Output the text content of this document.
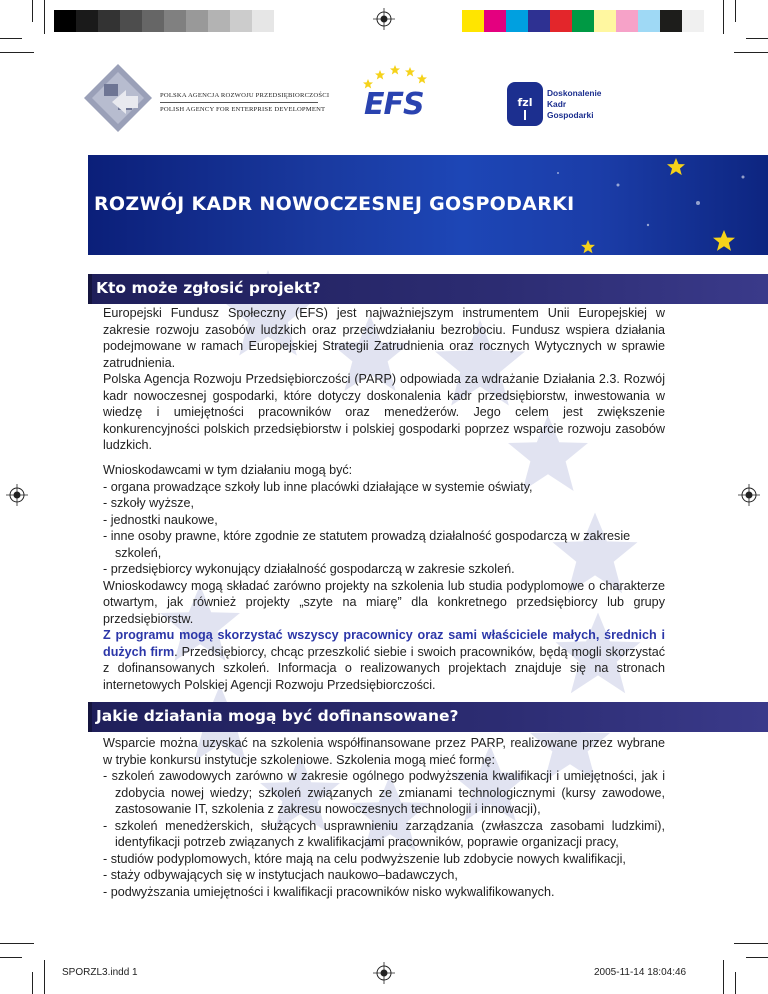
POLSKA AGENCJA ROZWOJU PRZEDSIĘBIORCZOŚCI
POLISH AGENCY FOR ENTERPRISE DEVELOPMENT EFS	fzl
Doskonalenie
Kadr
Gospodarki
ROZWÓJ KADR NOWOCZESNEJ GOSPODARKI
Kto może zgłosić projekt?

Europejski Fundusz Społeczny (EFS) jest najważniejszym instrumentem Unii Europejskiej w zakresie rozwoju zasobów ludzkich oraz przeciwdziałaniu bezrobociu. Fundusz wspiera działania podejmowane w ramach Europejskiej Strategii Zatrudnienia oraz rocznych Wytycznych w sprawie zatrudnienia.

Polska Agencja Rozwoju Przedsiębiorczości (PARP) odpowiada za wdrażanie Działania 2.3. Rozwój kadr nowoczesnej gospodarki, które dotyczy doskonalenia kadr przedsiębiorstw, inwestowania w wiedzę i umiejętności pracowników oraz menedżerów. Jego celem jest zwiększenie konkurencyjności polskich przedsiębiorstw i polskiej gospodarki poprzez wsparcie rozwoju zasobów ludzkich.

Wnioskodawcami w tym działaniu mogą być:

- organa prowadzące szkoły lub inne placówki działające w systemie oświaty,

- szkoły wyższe,

- jednostki naukowe,

- inne osoby prawne, które zgodnie ze statutem prowadzą działalność gospodarczą w zakresie szkoleń,

- przedsiębiorcy wykonujący działalność gospodarczą w zakresie szkoleń.

Wnioskodawcy mogą składać zarówno projekty na szkolenia lub studia podyplomowe o charakterze otwartym, jak również projekty „szyte na miarę” dla konkretnego przedsiębiorcy lub grupy przedsiębiorstw.

Z programu mogą skorzystać wszyscy pracownicy oraz sami właściciele małych, średnich i dużych firm. Przedsiębiorcy, chcąc przeszkolić siebie i swoich pracowników, będą mogli skorzystać z dofinansowanych szkoleń. Informacja o realizowanych projektach znajduje się na stronach internetowych Polskiej Agencji Rozwoju Przedsiębiorczości.

Jakie działania mogą być dofinansowane?

Wsparcie można uzyskać na szkolenia współfinansowane przez PARP, realizowane przez wybrane w trybie konkursu instytucje szkoleniowe. Szkolenia mogą mieć formę:

- szkoleń zawodowych zarówno w zakresie ogólnego podwyższenia kwalifikacji i umiejętności, jak i zdobycia nowej wiedzy; szkoleń związanych ze zmianami technologicznymi (kursy zawodowe, zastosowanie IT, szkolenia z zakresu nowoczesnych technologii i innowacji),

- szkoleń menedżerskich, służących usprawnieniu zarządzania (zwłaszcza zasobami ludzkimi), identyfikacji potrzeb związanych z kwalifikacjami pracowników, poprawie organizacji pracy,

- studiów podyplomowych, które mają na celu podwyższenie lub zdobycie nowych kwalifikacji,

- staży odbywających się w instytucjach naukowo–badawczych,

- podwyższania umiejętności i kwalifikacji pracowników nisko wykwalifikowanych.

SPORZL3.indd 1	2005-11-14 18:04:46
